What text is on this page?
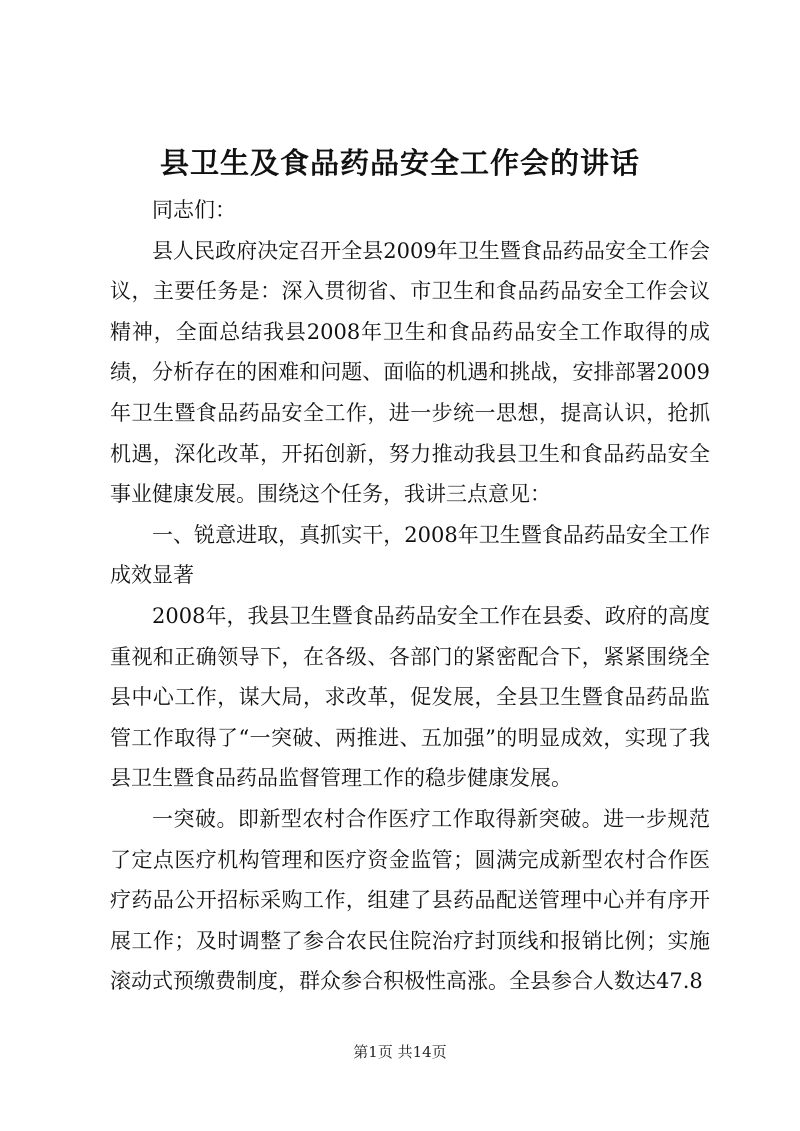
县卫生及食品药品安全工作会的讲话

同志们：

县人民政府决定召开全县2009年卫生暨食品药品安全工作会议，主要任务是：深入贯彻省、市卫生和食品药品安全工作会议精神，全面总结我县2008年卫生和食品药品安全工作取得的成绩，分析存在的困难和问题、面临的机遇和挑战，安排部署2009年卫生暨食品药品安全工作，进一步统一思想，提高认识，抢抓机遇，深化改革，开拓创新，努力推动我县卫生和食品药品安全事业健康发展。围绕这个任务，我讲三点意见：

一、锐意进取，真抓实干，2008年卫生暨食品药品安全工作成效显著

2008年，我县卫生暨食品药品安全工作在县委、政府的高度重视和正确领导下，在各级、各部门的紧密配合下，紧紧围绕全县中心工作，谋大局，求改革，促发展，全县卫生暨食品药品监管工作取得了“一突破、两推进、五加强”的明显成效，实现了我县卫生暨食品药品监督管理工作的稳步健康发展。

一突破。即新型农村合作医疗工作取得新突破。进一步规范了定点医疗机构管理和医疗资金监管；圆满完成新型农村合作医疗药品公开招标采购工作，组建了县药品配送管理中心并有序开展工作；及时调整了参合农民住院治疗封顶线和报销比例；实施滚动式预缴费制度，群众参合积极性高涨。全县参合人数达47.8

第1页 共14页
